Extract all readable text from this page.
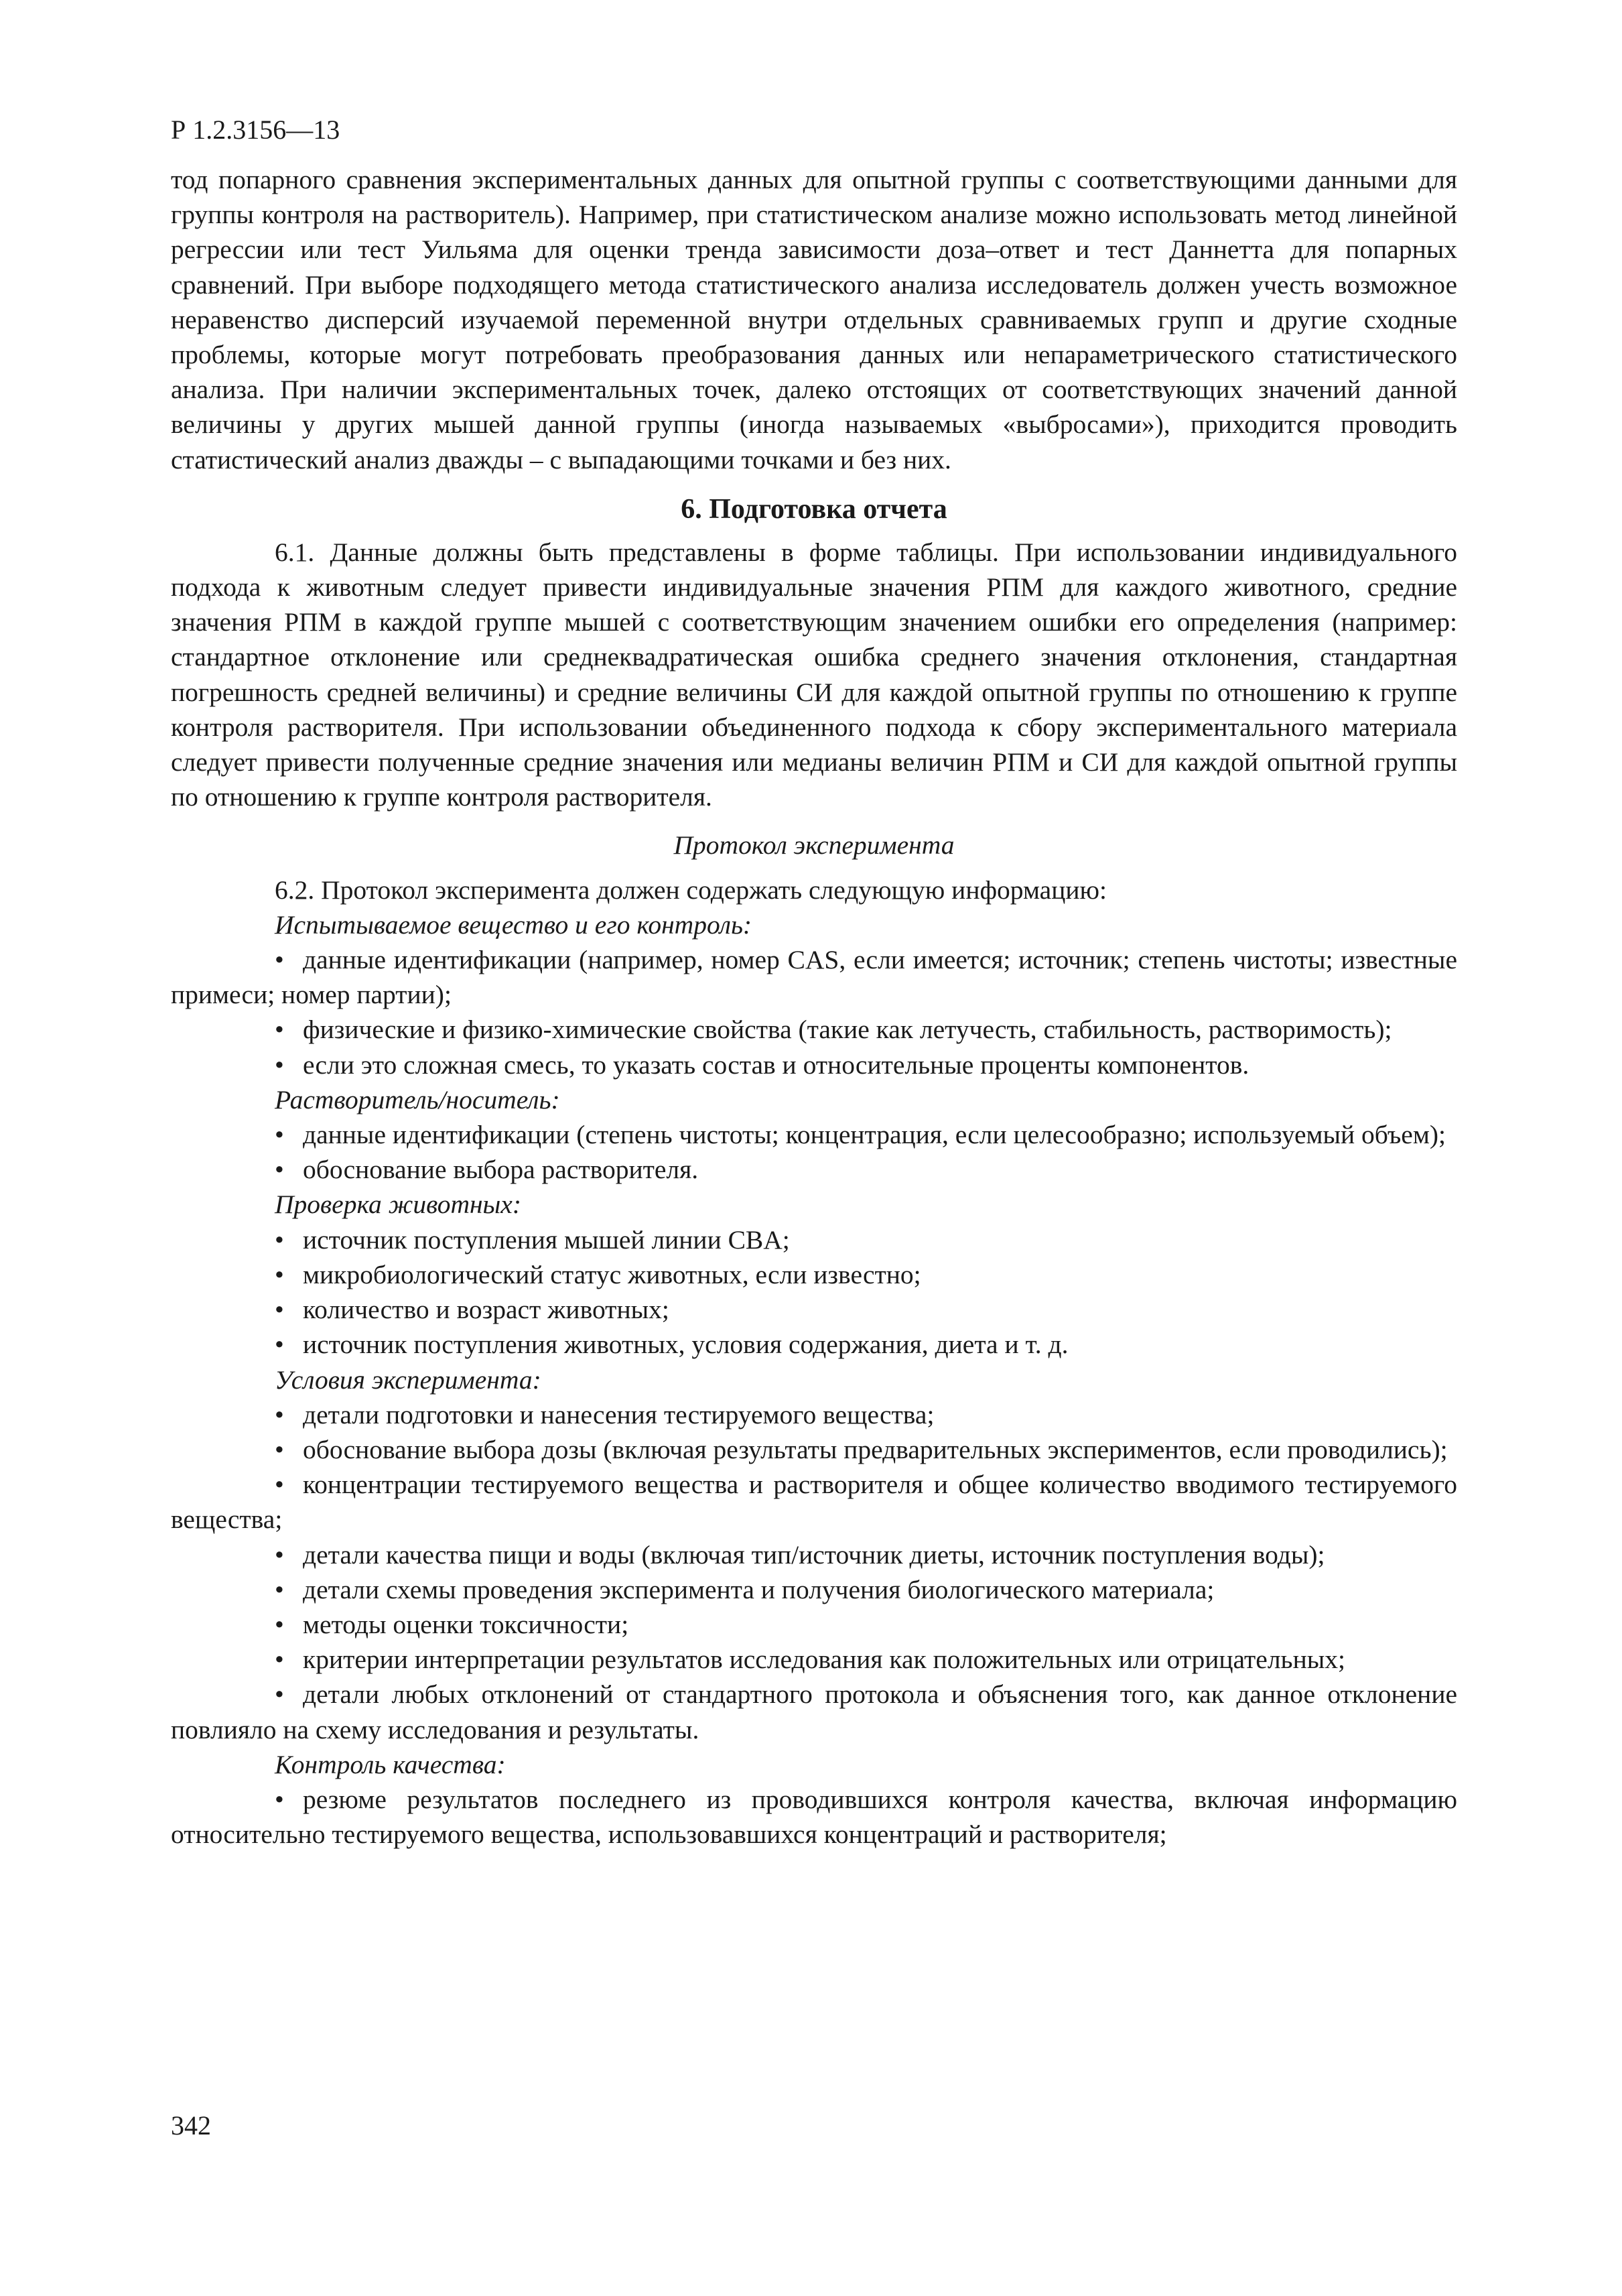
Р 1.2.3156—13

тод попарного сравнения экспериментальных данных для опытной группы с соответствующими данными для группы контроля на растворитель). Например, при статистическом анализе можно использовать метод линейной регрессии или тест Уильяма для оценки тренда зависимости доза–ответ и тест Даннетта для попарных сравнений. При выборе подходящего метода статистического анализа исследователь должен учесть возможное неравенство дисперсий изучаемой переменной внутри отдельных сравниваемых групп и другие сходные проблемы, которые могут потребовать преобразования данных или непараметрического статистического анализа. При наличии экспериментальных точек, далеко отстоящих от соответствующих значений данной величины у других мышей данной группы (иногда называемых «выбросами»), приходится проводить статистический анализ дважды – с выпадающими точками и без них.

6. Подготовка отчета

6.1. Данные должны быть представлены в форме таблицы. При использовании индивидуального подхода к животным следует привести индивидуальные значения РПМ для каждого животного, средние значения РПМ в каждой группе мышей с соответствующим значением ошибки его определения (например: стандартное отклонение или среднеквадратическая ошибка среднего значения отклонения, стандартная погрешность средней величины) и средние величины СИ для каждой опытной группы по отношению к группе контроля растворителя. При использовании объединенного подхода к сбору экспериментального материала следует привести полученные средние значения или медианы величин РПМ и СИ для каждой опытной группы по отношению к группе контроля растворителя.

Протокол эксперимента

6.2. Протокол эксперимента должен содержать следующую информацию:

Испытываемое вещество и его контроль:
• данные идентификации (например, номер CAS, если имеется; источник; степень чистоты; известные примеси; номер партии);
• физические и физико-химические свойства (такие как летучесть, стабильность, растворимость);
• если это сложная смесь, то указать состав и относительные проценты компонентов.
Растворитель/носитель:
• данные идентификации (степень чистоты; концентрация, если целесообразно; используемый объем);
• обоснование выбора растворителя.
Проверка животных:
• источник поступления мышей линии CBA;
• микробиологический статус животных, если известно;
• количество и возраст животных;
• источник поступления животных, условия содержания, диета и т. д.
Условия эксперимента:
• детали подготовки и нанесения тестируемого вещества;
• обоснование выбора дозы (включая результаты предварительных экспериментов, если проводились);
• концентрации тестируемого вещества и растворителя и общее количество вводимого тестируемого вещества;
• детали качества пищи и воды (включая тип/источник диеты, источник поступления воды);
• детали схемы проведения эксперимента и получения биологического материала;
• методы оценки токсичности;
• критерии интерпретации результатов исследования как положительных или отрицательных;
• детали любых отклонений от стандартного протокола и объяснения того, как данное отклонение повлияло на схему исследования и результаты.
Контроль качества:
• резюме результатов последнего из проводившихся контроля качества, включая информацию относительно тестируемого вещества, использовавшихся концентраций и растворителя;
342
